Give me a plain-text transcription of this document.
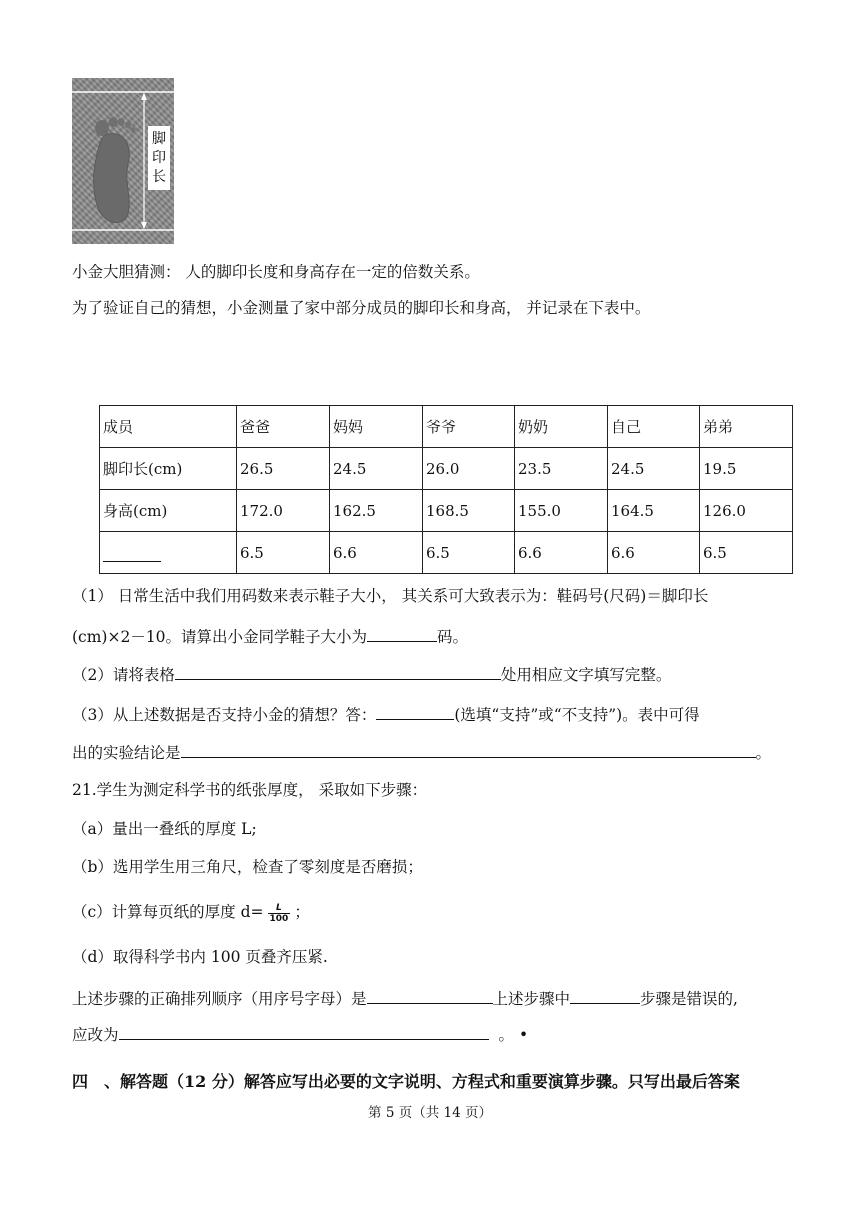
脚
印
长
小金大胆猜测： 人的脚印长度和身高存在一定的倍数关系。
为了验证自己的猜想，小金测量了家中部分成员的脚印长和身高， 并记录在下表中。
成员	爸爸	妈妈	爷爷	奶奶	自己	弟弟
脚印长(cm)	26.5	24.5	26.0	23.5	24.5	19.5
身高(cm)	172.0	162.5	168.5	155.0	164.5	126.0
	6.5	6.6	6.5	6.6	6.6	6.5
（1） 日常生活中我们用码数来表示鞋子大小， 其关系可大致表示为：鞋码号(尺码)＝脚印长
(cm)×2－10。请算出小金同学鞋子大小为	码。
（2）请将表格	处用相应文字填写完整。
（3）从上述数据是否支持小金的猜想？答：	(选填“支持”或“不支持”)。表中可得
出的实验结论是	。
21.学生为测定科学书的纸张厚度， 采取如下步骤：
（a）量出一叠纸的厚度 L;
（b）选用学生用三角尺，检查了零刻度是否磨损；
（c）计算每页纸的厚度 $d= \frac{L}{100}$ ；
（d）取得科学书内 100 页叠齐压紧.
上述步骤的正确排列顺序（用序号字母）是	上述步骤中	步骤是错误的,
应改为	。 •
四　、解答题（12 分）解答应写出必要的文字说明、方程式和重要演算步骤。只写出最后答案
第 5 页（共 14 页）
